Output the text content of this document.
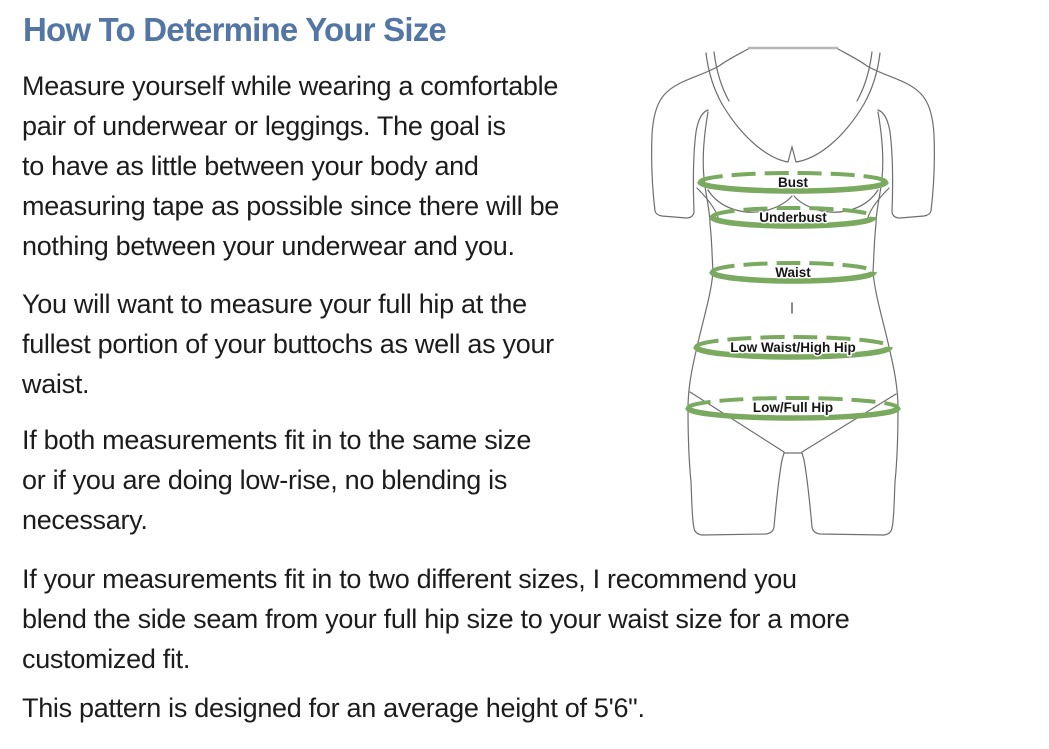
How To Determine Your Size
Measure yourself while wearing a comfortable
pair of underwear or leggings. The goal is
to have as little between your body and
measuring tape as possible since there will be
nothing between your underwear and you.
You will want to measure your full hip at the
fullest portion of your buttochs as well as your
waist.
If both measurements fit in to the same size
or if you are doing low-rise, no blending is
necessary.
If your measurements fit in to two different sizes, I recommend you
blend the side seam from your full hip size to your waist size for a more
customized fit.
This pattern is designed for an average height of 5'6".
Bust
Underbust
Waist
Low Waist/High Hip
Low/Full Hip
